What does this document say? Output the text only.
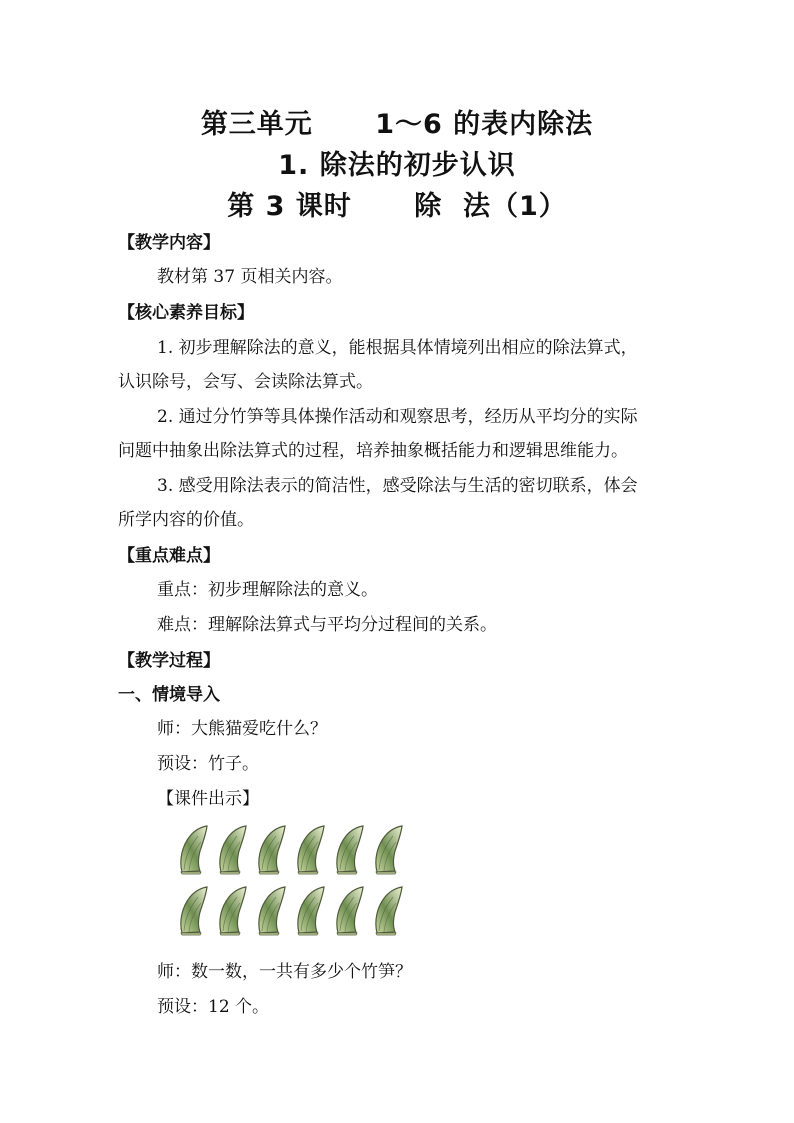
第三单元      1～6 的表内除法
1. 除法的初步认识
第 3 课时      除  法（1）
【教学内容】
教材第 37 页相关内容。
【核心素养目标】
1. 初步理解除法的意义，能根据具体情境列出相应的除法算式，
认识除号，会写、会读除法算式。
2. 通过分竹笋等具体操作活动和观察思考，经历从平均分的实际
问题中抽象出除法算式的过程，培养抽象概括能力和逻辑思维能力。
3. 感受用除法表示的简洁性，感受除法与生活的密切联系，体会
所学内容的价值。
【重点难点】
重点：初步理解除法的意义。
难点：理解除法算式与平均分过程间的关系。
【教学过程】
一、情境导入
师：大熊猫爱吃什么？
预设：竹子。
【课件出示】
师：数一数，一共有多少个竹笋？
预设：12 个。
